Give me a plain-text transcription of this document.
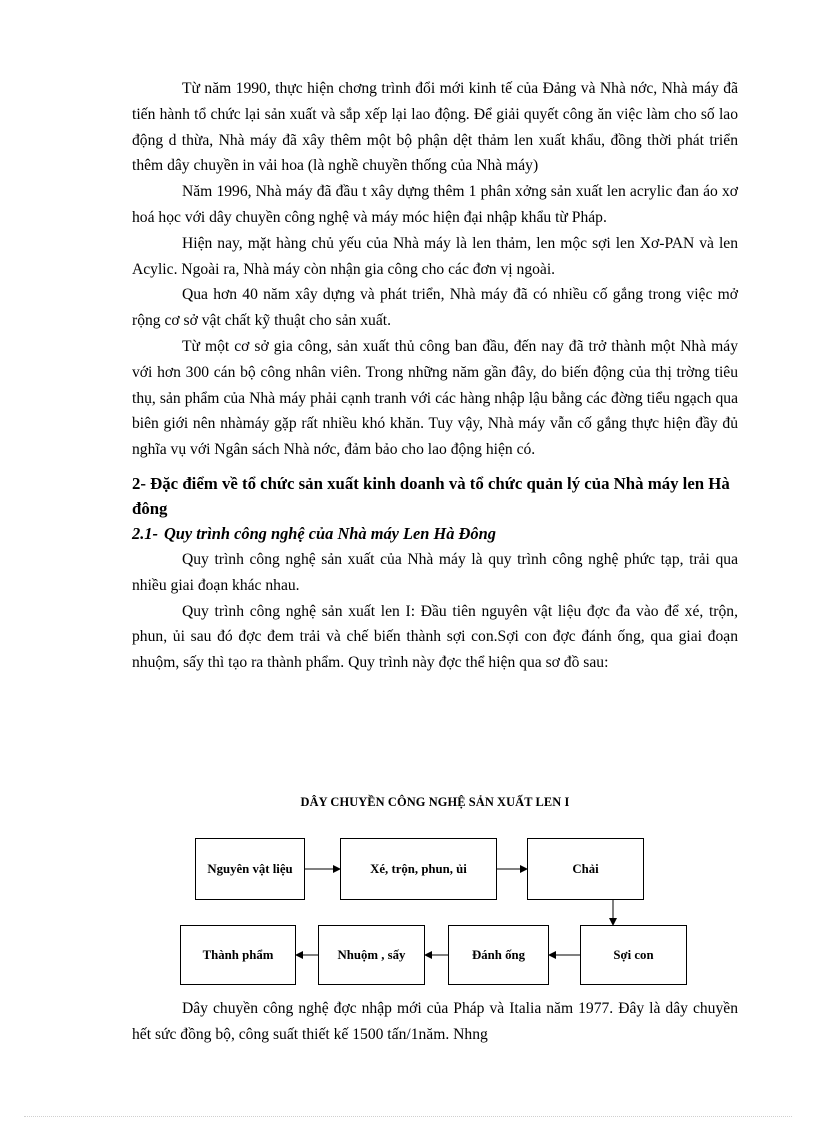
Từ năm 1990, thực hiện chơng trình đổi mới kinh tế của Đảng và Nhà nớc, Nhà máy đã tiến hành tổ chức lại sản xuất và sắp xếp lại lao động. Để giải quyết công ăn việc làm cho số lao động d thừa, Nhà máy đã xây thêm một bộ phận dệt thảm len xuất khẩu, đồng thời phát triển thêm dây chuyền in vải hoa (là nghề chuyền thống của Nhà máy)

Năm 1996, Nhà máy đã đầu t xây dựng thêm 1 phân xởng sản xuất len acrylic đan áo xơ hoá học với dây chuyền công nghệ và máy móc hiện đại nhập khẩu từ Pháp.

Hiện nay, mặt hàng chủ yếu của Nhà máy là len thảm, len mộc sợi len Xơ-PAN và len Acylic. Ngoài ra, Nhà máy còn nhận gia công cho các đơn vị ngoài.

Qua hơn 40 năm xây dựng và phát triển, Nhà máy đã có nhiều cố gắng trong việc mở rộng cơ sở vật chất kỹ thuật cho sản xuất.

Từ một cơ sở gia công, sản xuất thủ công ban đầu, đến nay đã trở thành một Nhà máy với hơn 300 cán bộ công nhân viên. Trong những năm gần đây, do biến động của thị trờng tiêu thụ, sản phẩm của Nhà máy phải cạnh tranh với các hàng nhập lậu bằng các đờng tiểu ngạch qua biên giới nên nhàmáy gặp rất nhiều khó khăn. Tuy vậy, Nhà máy vẫn cố gắng thực hiện đầy đủ nghĩa vụ với Ngân sách Nhà nớc, đảm bảo cho lao động hiện có.

2- Đặc điểm về tổ chức sản xuất kinh doanh và tổ chức quản lý của Nhà máy len Hà đông
2.1- Quy trình công nghệ của Nhà máy Len Hà Đông

Quy trình công nghệ sản xuất của Nhà máy là quy trình công nghệ phức tạp, trải qua nhiều giai đoạn khác nhau.

Quy trình công nghệ sản xuất len I: Đầu tiên nguyên vật liệu đợc đa vào để xé, trộn, phun, ủi sau đó đợc đem trải và chế biến thành sợi con.Sợi con đợc đánh ống, qua giai đoạn nhuộm, sấy thì tạo ra thành phẩm. Quy trình này đợc thể hiện qua sơ đồ sau:

DÂY CHUYỀN CÔNG NGHỆ SẢN XUẤT LEN I
Nguyên vật liệu	Xé, trộn, phun, ủi	Chải
Sợi con
Đánh ống
Nhuộm , sấy
Thành phẩm

Dây chuyền công nghệ đợc nhập mới của Pháp và Italia năm 1977. Đây là dây chuyền hết sức đồng bộ, công suất thiết kế 1500 tấn/1năm. Nhng
